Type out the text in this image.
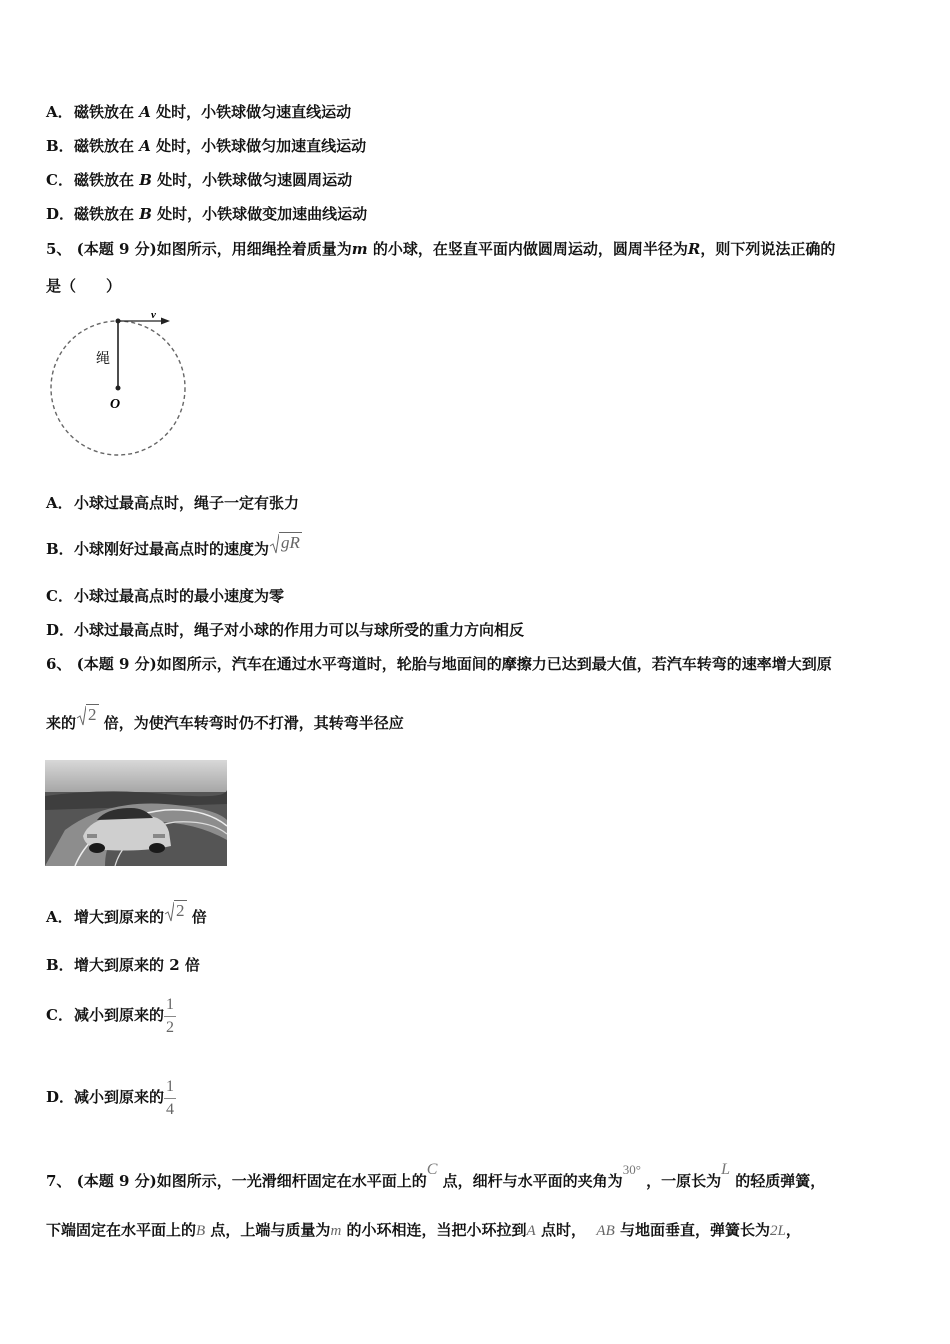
A．磁铁放在 A 处时，小铁球做匀速直线运动
B．磁铁放在 A 处时，小铁球做匀加速直线运动
C．磁铁放在 B 处时，小铁球做匀速圆周运动
D．磁铁放在 B 处时，小铁球做变加速曲线运动
5、 (本题 9 分)如图所示，用细绳拴着质量为m 的小球，在竖直平面内做圆周运动，圆周半径为R，则下列说法正确的
是（　　）
v
绳
O
A．小球过最高点时，绳子一定有张力
B．小球刚好过最高点时的速度为 gR
C．小球过最高点时的最小速度为零
D．小球过最高点时，绳子对小球的作用力可以与球所受的重力方向相反
6、 (本题 9 分)如图所示，汽车在通过水平弯道时，轮胎与地面间的摩擦力已达到最大值，若汽车转弯的速率增大到原
来的 2 倍，为使汽车转弯时仍不打滑，其转弯半径应
A．增大到原来的 2 倍
B．增大到原来的 2 倍
C．减小到原来的 $\frac{1}{2}$
D．减小到原来的 $\frac{1}{4}$
7、 (本题 9 分)如图所示，一光滑细杆固定在水平面上的C 点，细杆与水平面的夹角为30° ，一原长为L 的轻质弹簧，
下端固定在水平面上的B 点，上端与质量为m 的小环相连，当把小环拉到A 点时， AB 与地面垂直，弹簧长为2L，
